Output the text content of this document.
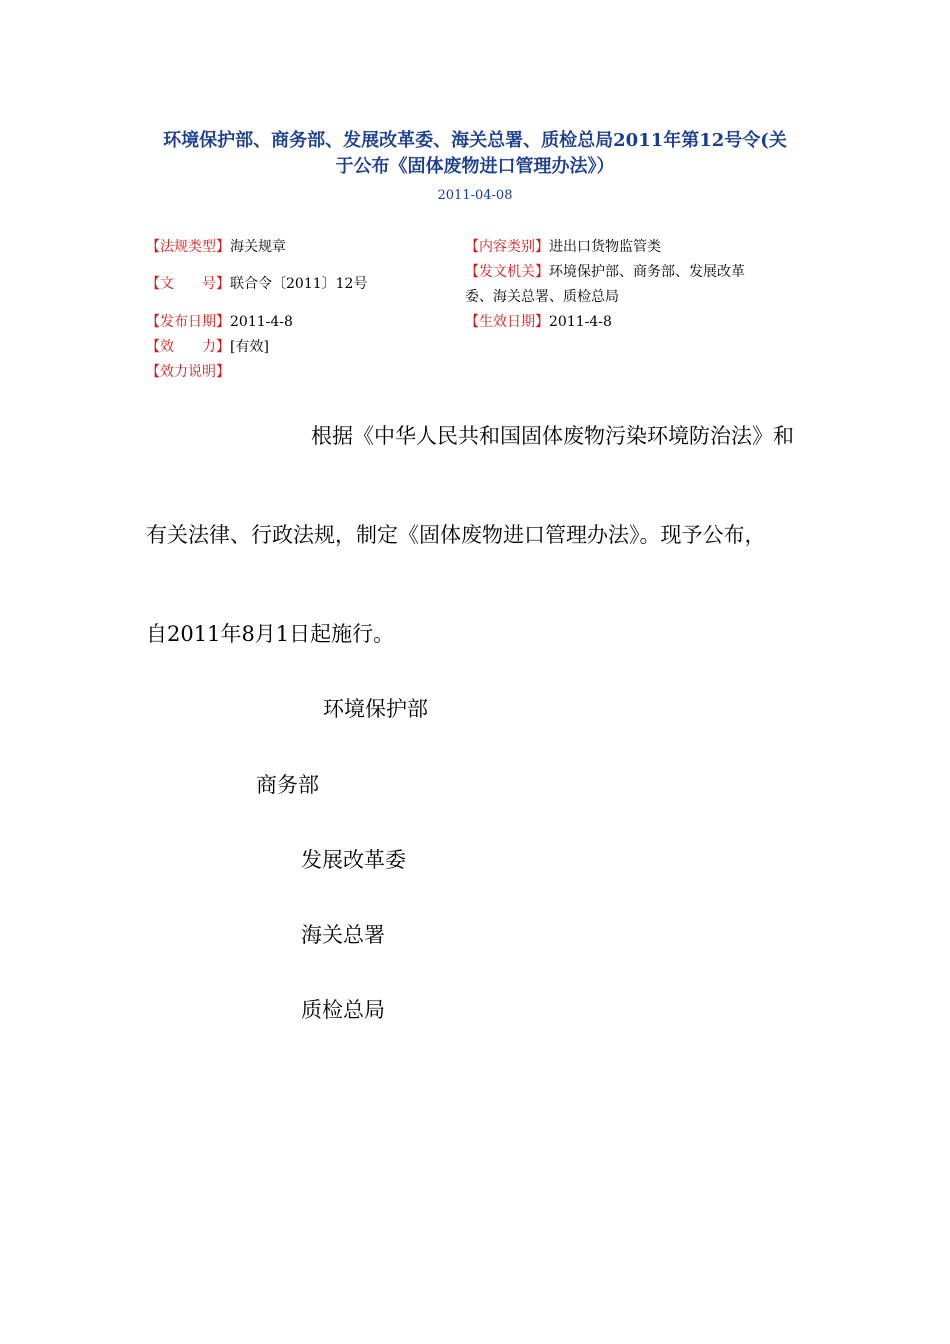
环境保护部、商务部、发展改革委、海关总署、质检总局2011年第12号令(关
于公布《固体废物进口管理办法》）
2011-04-08
【法规类型】海关规章
【文　　号】联合令〔2011〕12号
【发布日期】2011-4-8
【效　　力】[有效]
【效力说明】
【内容类别】进出口货物监管类
【发文机关】环境保护部、商务部、发展改革
委、海关总署、质检总局
【生效日期】2011-4-8
根据《中华人民共和国固体废物污染环境防治法》和
有关法律、行政法规，制定《固体废物进口管理办法》。现予公布，
自2011年8月1日起施行。
环境保护部
商务部
发展改革委
海关总署
质检总局
